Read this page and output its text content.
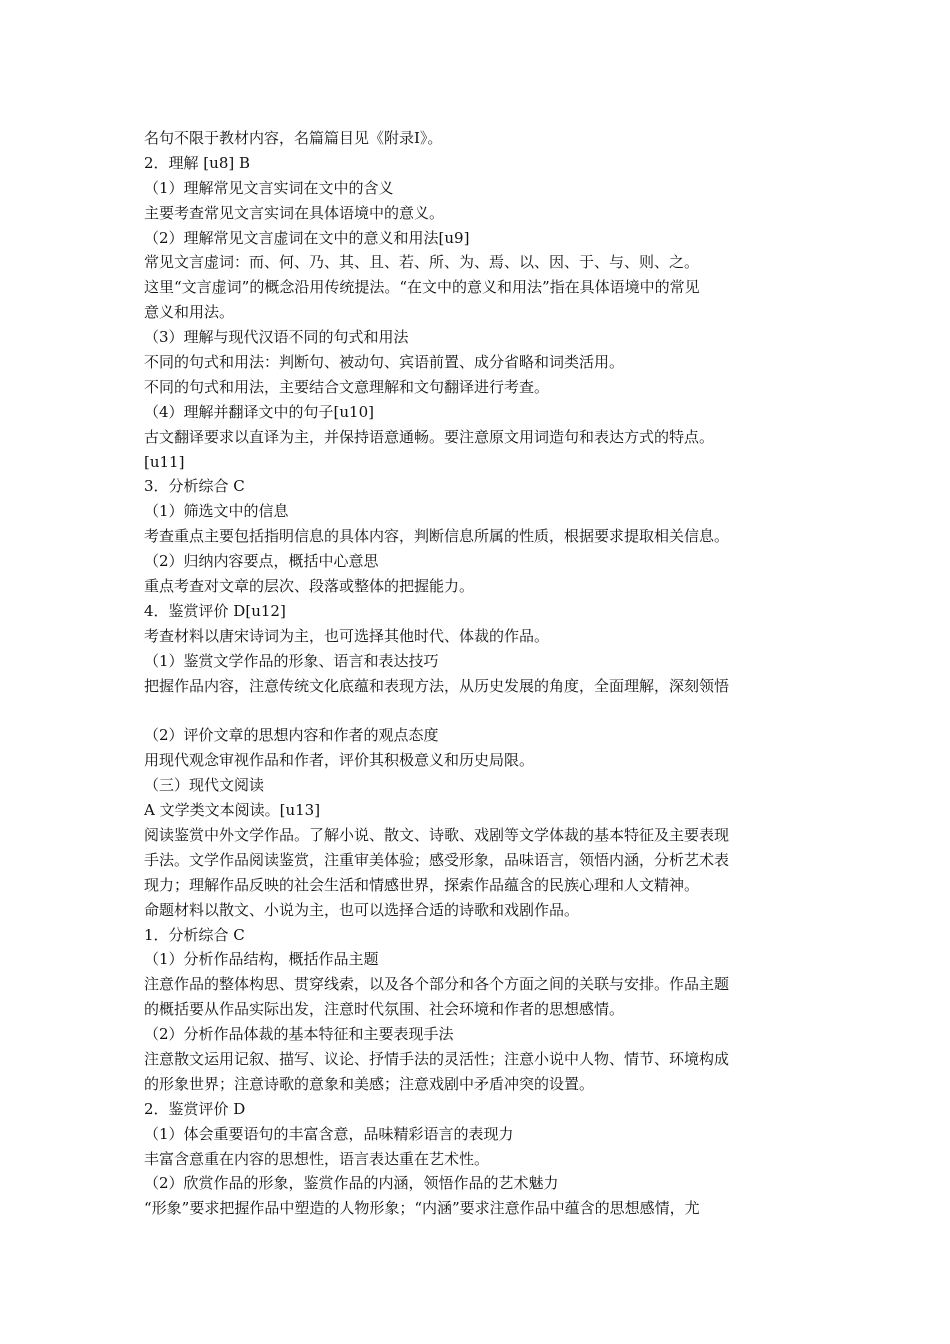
名句不限于教材内容，名篇篇目见《附录Ⅰ》。
2．理解 [u8] B
（1）理解常见文言实词在文中的含义
主要考查常见文言实词在具体语境中的意义。
（2）理解常见文言虚词在文中的意义和用法[u9]
常见文言虚词：而、何、乃、其、且、若、所、为、焉、以、因、于、与、则、之。
这里“文言虚词”的概念沿用传统提法。“在文中的意义和用法”指在具体语境中的常见
意义和用法。
（3）理解与现代汉语不同的句式和用法
不同的句式和用法：判断句、被动句、宾语前置、成分省略和词类活用。
不同的句式和用法，主要结合文意理解和文句翻译进行考查。
（4）理解并翻译文中的句子[u10]
古文翻译要求以直译为主，并保持语意通畅。要注意原文用词造句和表达方式的特点。
[u11]
3．分析综合 C
（1）筛选文中的信息
考查重点主要包括指明信息的具体内容，判断信息所属的性质，根据要求提取相关信息。
（2）归纳内容要点，概括中心意思
重点考查对文章的层次、段落或整体的把握能力。
4．鉴赏评价 D[u12]
考查材料以唐宋诗词为主，也可选择其他时代、体裁的作品。
（1）鉴赏文学作品的形象、语言和表达技巧
把握作品内容，注意传统文化底蕴和表现方法，从历史发展的角度，全面理解，深刻领悟
（2）评价文章的思想内容和作者的观点态度
用现代观念审视作品和作者，评价其积极意义和历史局限。
（三）现代文阅读
A 文学类文本阅读。[u13]
阅读鉴赏中外文学作品。了解小说、散文、诗歌、戏剧等文学体裁的基本特征及主要表现
手法。文学作品阅读鉴赏，注重审美体验；感受形象，品味语言，领悟内涵，分析艺术表
现力；理解作品反映的社会生活和情感世界，探索作品蕴含的民族心理和人文精神。
命题材料以散文、小说为主，也可以选择合适的诗歌和戏剧作品。
1．分析综合 C
（1）分析作品结构，概括作品主题
注意作品的整体构思、贯穿线索，以及各个部分和各个方面之间的关联与安排。作品主题
的概括要从作品实际出发，注意时代氛围、社会环境和作者的思想感情。
（2）分析作品体裁的基本特征和主要表现手法
注意散文运用记叙、描写、议论、抒情手法的灵活性；注意小说中人物、情节、环境构成
的形象世界；注意诗歌的意象和美感；注意戏剧中矛盾冲突的设置。
2．鉴赏评价 D
（1）体会重要语句的丰富含意，品味精彩语言的表现力
丰富含意重在内容的思想性，语言表达重在艺术性。
（2）欣赏作品的形象，鉴赏作品的内涵，领悟作品的艺术魅力
“形象”要求把握作品中塑造的人物形象；“内涵”要求注意作品中蕴含的思想感情，尤
